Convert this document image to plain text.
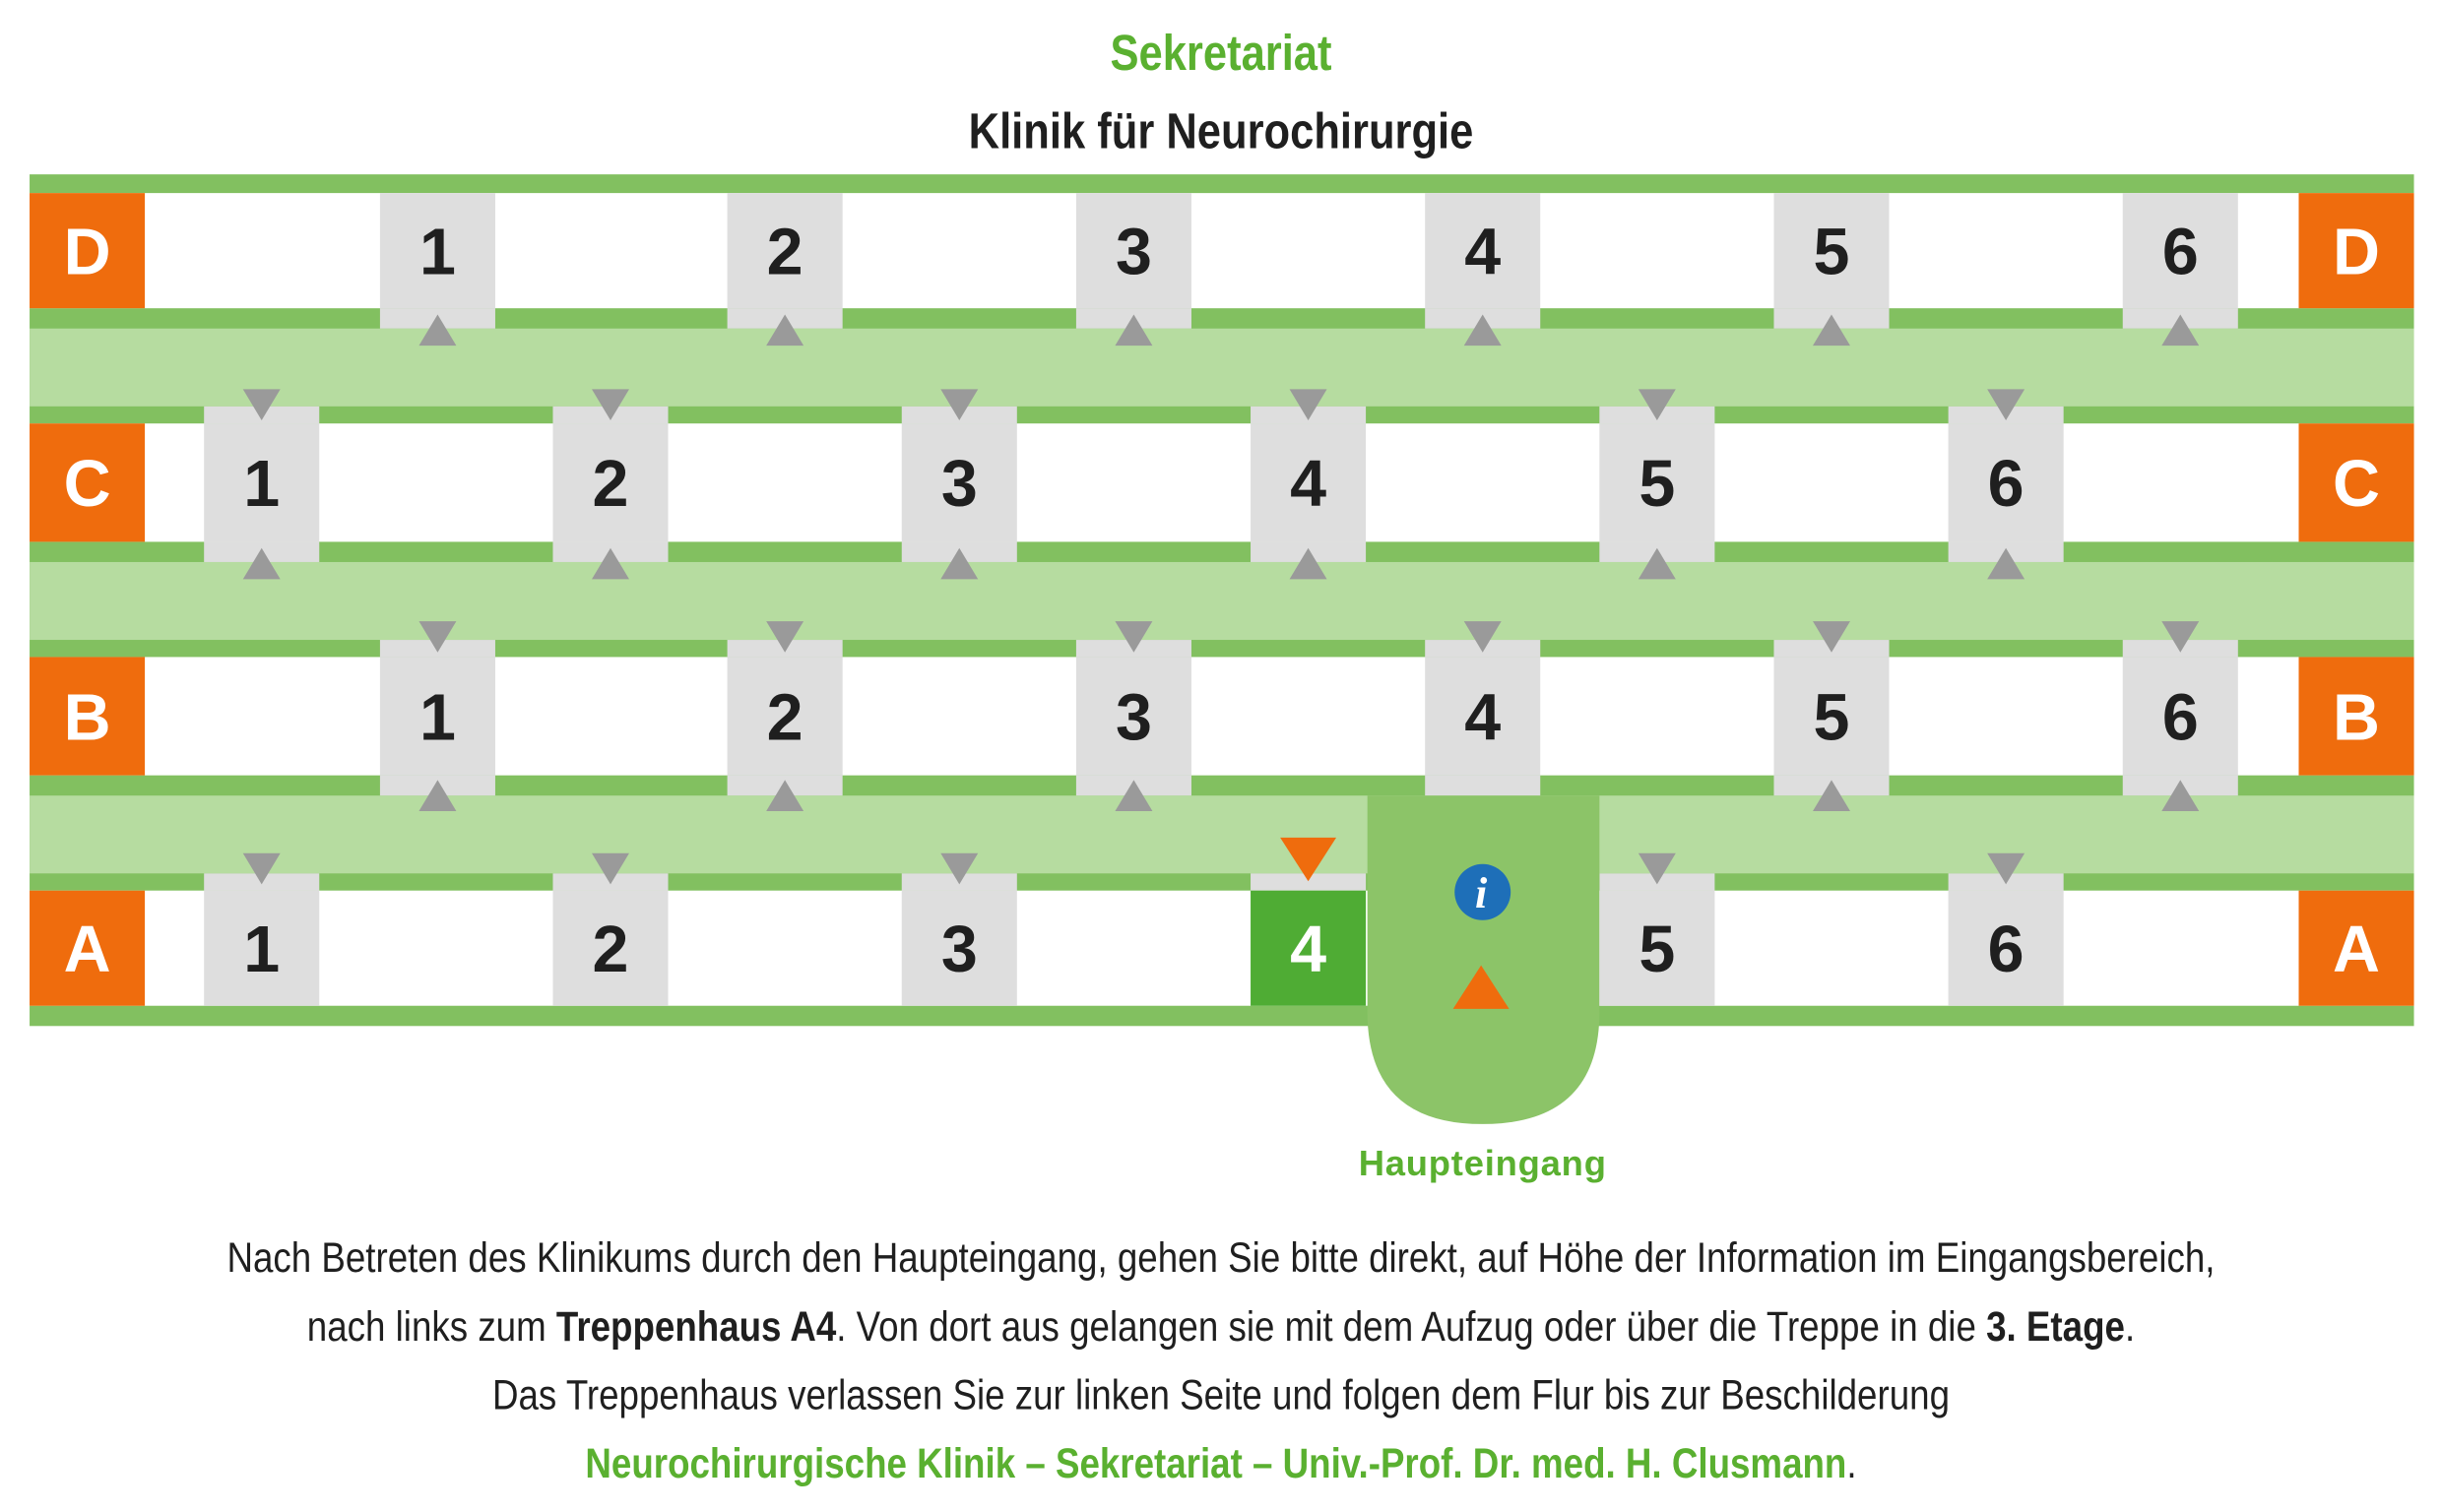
Sekretariat
Klinik für Neurochirurgie
D	D
1	2	3	4	5	6
C	C
1	2	3	4	5	6
B	B
1	2	3	4	5	6
A	A
1	2	3	4	5	6
i
Haupteingang
Nach Betreten des Klinikums durch den Haupteingang, gehen Sie bitte direkt, auf Höhe der Information im Eingangsbereich,
nach links zum Treppenhaus A4. Von dort aus gelangen sie mit dem Aufzug oder über die Treppe in die 3. Etage.
Das Treppenhaus verlassen Sie zur linken Seite und folgen dem Flur bis zur Beschilderung
Neurochirurgische Klinik – Sekretariat – Univ.-Prof. Dr. med. H. Clusmann.
